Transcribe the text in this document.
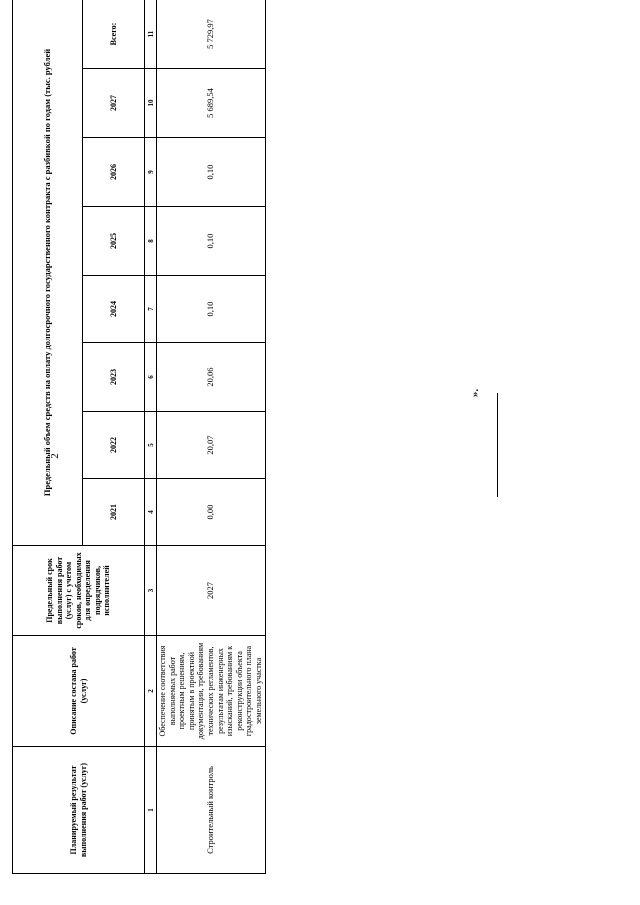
2
Планируемый результат выполнения работ (услуг)	Описание состава работ (услуг)	Предельный срок выполнения работ (услуг) с учетом сроков, необходимых для определения подрядчиков, исполнителей	Предельный объем средств на оплату долгосрочного государственного контракта с разбивкой по годам (тыс. рублей							
			2021	2022	2023	2024	2025	2026	2027	Всего:
1	2	3	4	5	6	7	8	9	10	11
Строительный контроль	Обеспечение соответствия выполняемых работ проектным решениям, принятым в проектной документации, требованиям технических регламентов, результатам инженерных изысканий, требованиям к реконструкции объекта градостроительного плана земельного участка	2027	0,00	20,07	20,06	0,10	0,10	0,10	5 689,54	5 729,97
».
